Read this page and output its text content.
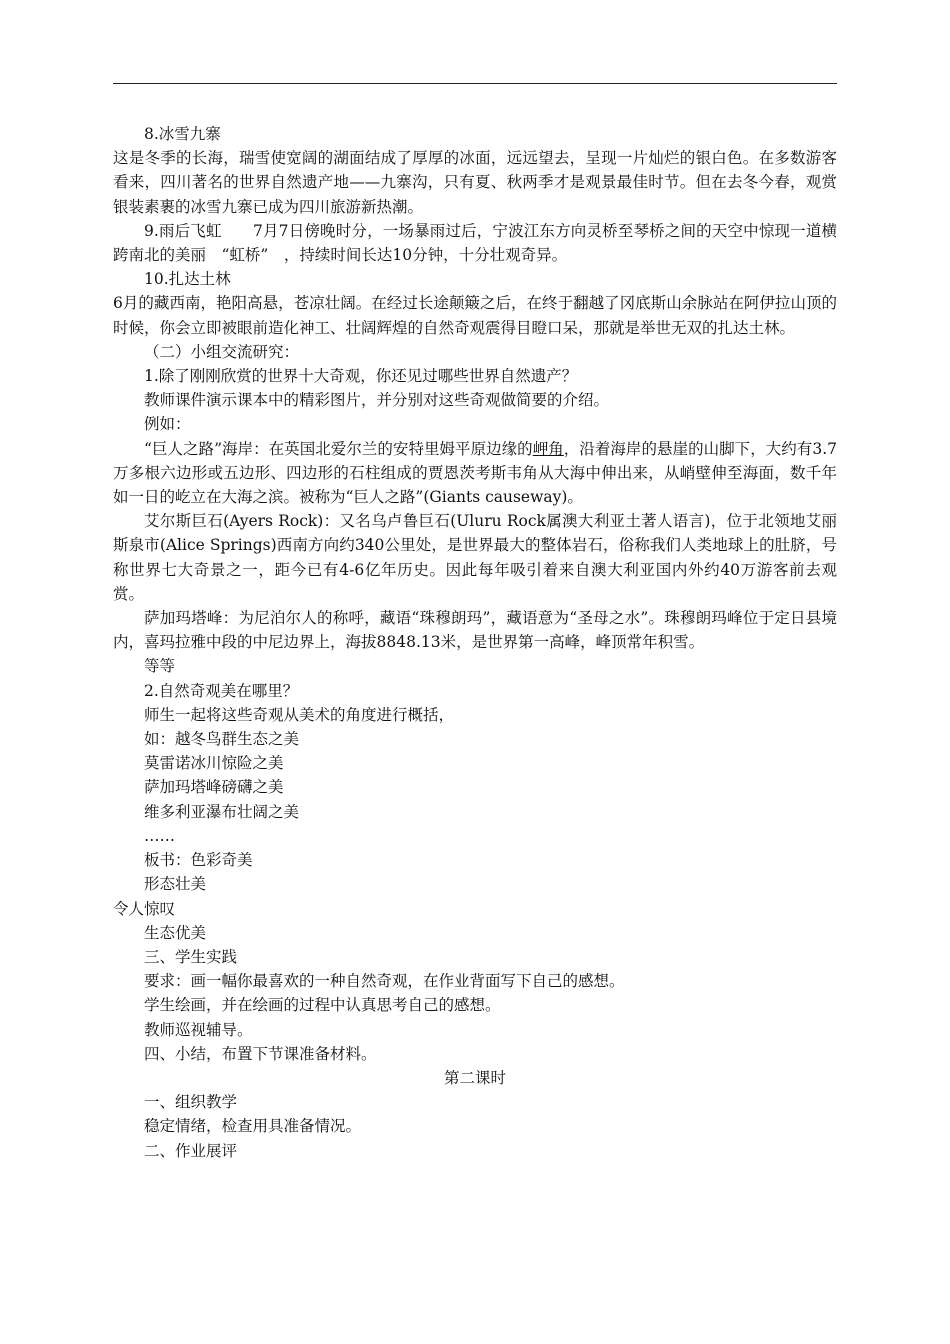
8.冰雪九寨

这是冬季的长海，瑞雪使宽阔的湖面结成了厚厚的冰面，远远望去，呈现一片灿烂的银白色。在多数游客看来，四川著名的世界自然遗产地——九寨沟，只有夏、秋两季才是观景最佳时节。但在去冬今春，观赏银装素裹的冰雪九寨已成为四川旅游新热潮。

9.雨后飞虹　　7月7日傍晚时分，一场暴雨过后，宁波江东方向灵桥至琴桥之间的天空中惊现一道横跨南北的美丽　“虹桥”　，持续时间长达10分钟，十分壮观奇异。

10.扎达土林

6月的藏西南，艳阳高悬，苍凉壮阔。在经过长途颠簸之后，在终于翻越了冈底斯山余脉站在阿伊拉山顶的时候，你会立即被眼前造化神工、壮阔辉煌的自然奇观震得目瞪口呆，那就是举世无双的扎达土林。

（二）小组交流研究：

1.除了刚刚欣赏的世界十大奇观，你还见过哪些世界自然遗产？

教师课件演示课本中的精彩图片，并分别对这些奇观做简要的介绍。

例如：

“巨人之路”海岸：在英国北爱尔兰的安特里姆平原边缘的岬角，沿着海岸的悬崖的山脚下，大约有3.7万多根六边形或五边形、四边形的石柱组成的贾恩茨考斯韦角从大海中伸出来，从峭壁伸至海面，数千年如一日的屹立在大海之滨。被称为“巨人之路”(Giants causeway)。

艾尔斯巨石(Ayers Rock)：又名乌卢鲁巨石(Uluru Rock属澳大利亚土著人语言)，位于北领地艾丽斯泉市(Alice Springs)西南方向约340公里处，是世界最大的整体岩石，俗称我们人类地球上的肚脐，号称世界七大奇景之一，距今已有4-6亿年历史。因此每年吸引着来自澳大利亚国内外约40万游客前去观赏。

萨加玛塔峰：为尼泊尔人的称呼，藏语“珠穆朗玛”，藏语意为“圣母之水”。珠穆朗玛峰位于定日县境内，喜玛拉雅中段的中尼边界上，海拔8848.13米，是世界第一高峰，峰顶常年积雪。

等等

2.自然奇观美在哪里？

师生一起将这些奇观从美术的角度进行概括，

如：越冬鸟群生态之美

莫雷诺冰川惊险之美

萨加玛塔峰磅礴之美

维多利亚瀑布壮阔之美

……

板书：色彩奇美

形态壮美

令人惊叹

生态优美

三、学生实践

要求：画一幅你最喜欢的一种自然奇观，在作业背面写下自己的感想。

学生绘画，并在绘画的过程中认真思考自己的感想。

教师巡视辅导。

四、小结，布置下节课准备材料。

第二课时

一、组织教学

稳定情绪，检查用具准备情况。

二、作业展评
